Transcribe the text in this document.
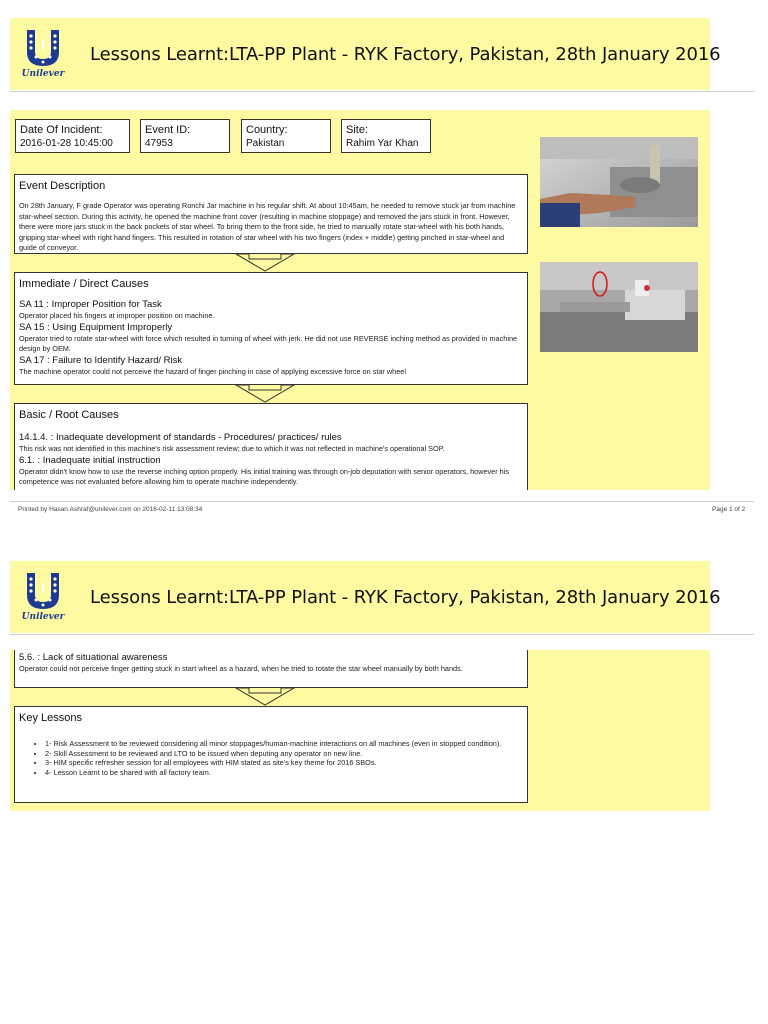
Unilever
Lessons Learnt:LTA-PP Plant - RYK Factory, Pakistan, 28th January 2016
Date Of Incident:
2016-01-28 10:45:00
Event ID:
47953
Country:
Pakistan
Site:
Rahim Yar Khan
Event Description
On 28th January, F grade Operator was operating Ronchi Jar machine in his regular shift. At about 10:45am, he needed to remove stuck jar from machine star-wheel section. During this activity, he opened the machine front cover (resulting in machine stoppage) and removed the jars stuck in front. However, there were more jars stuck in the back pockets of star wheel. To bring them to the front side, he tried to manually rotate star-wheel with his both hands, gripping star-wheel with right hand fingers. This resulted in rotation of star wheel with his two fingers (index + middle) getting pinched in star-wheel and guide of conveyor.
Immediate / Direct Causes
SA 11 : Improper Position for Task
Operator placed his fingers at improper position on machine.
SA 15 : Using Equipment Improperly
Operator tried to rotate star-wheel with force which resulted in turning of wheel with jerk. He did not use REVERSE inching method as provided in machine design by OEM.
SA 17 : Failure to Identify Hazard/ Risk
The machine operator could not perceive the hazard of finger pinching in case of applying excessive force on star wheel
Basic / Root Causes
14.1.4. : Inadequate development of standards - Procedures/ practices/ rules
This risk was not identified in this machine's risk assessment review; due to which it was not reflected in machine's operational SOP.
6.1. : Inadequate initial instruction
Operator didn't know how to use the reverse inching option properly. His initial training was through on-job deputation with senior operators, however his competence was not evaluated before allowing him to operate machine independently.
Printed by Hasan.Ashraf@unilever.com on 2016-02-11 13:08:34	Page 1 of 2
Unilever
Lessons Learnt:LTA-PP Plant - RYK Factory, Pakistan, 28th January 2016
5.6. : Lack of situational awareness
Operator could not perceive finger getting stuck in start wheel as a hazard, when he tried to rotate the star wheel manually by both hands.
Key Lessons
• 1- Risk Assessment to be reviewed considering all minor stoppages/human-machine interactions on all machines (even in stopped condition).
• 2- Skill Assessment to be reviewed and LTO to be issued when deputing any operator on new line.
• 3- HIM specific refresher session for all employees with HIM stated as site's key theme for 2016 SBOs.
• 4- Lesson Learnt to be shared with all factory team.
